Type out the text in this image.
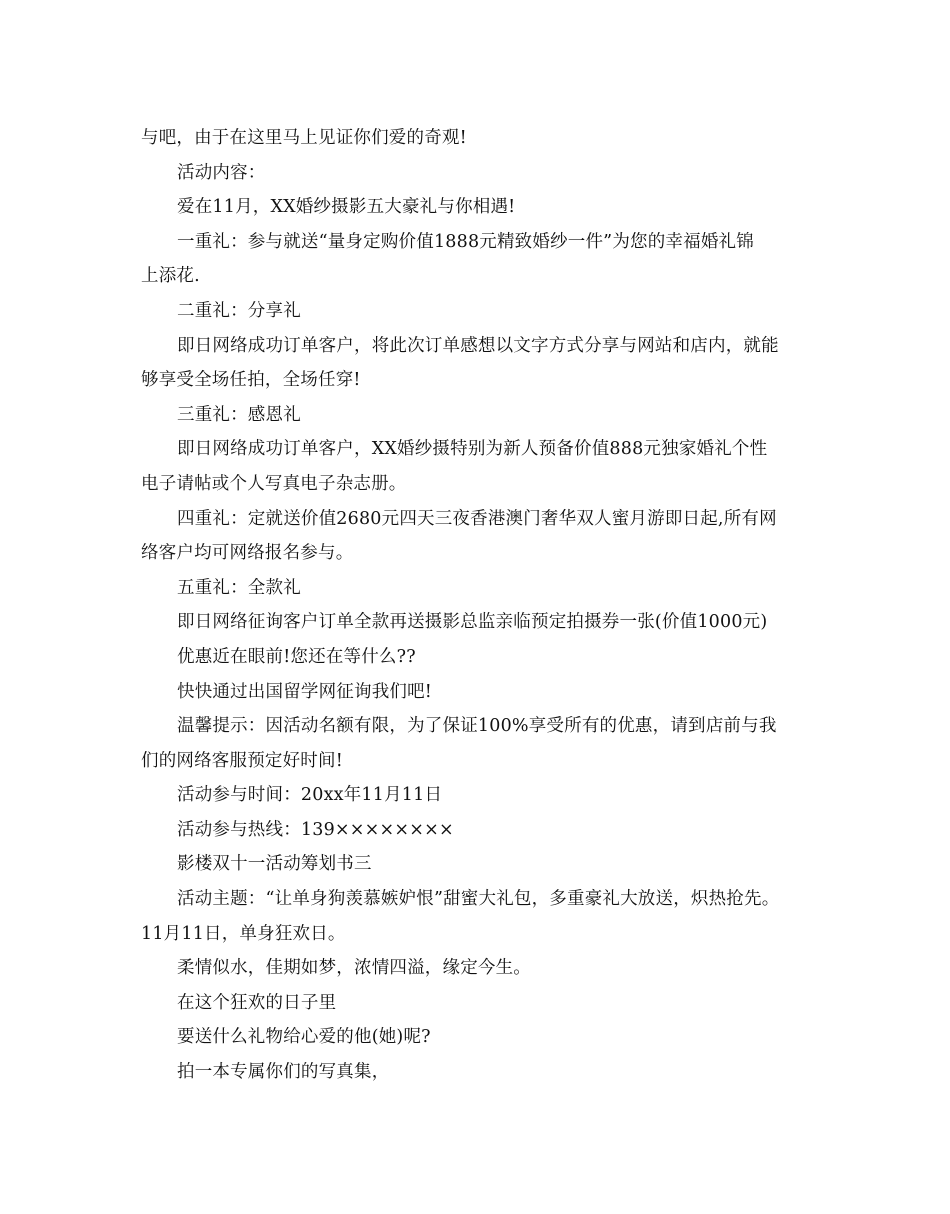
与吧，由于在这里马上见证你们爱的奇观!
活动内容：
爱在11月，XX婚纱摄影五大豪礼与你相遇!
一重礼：参与就送“量身定购价值1888元精致婚纱一件”为您的幸福婚礼锦
上添花.
二重礼：分享礼
即日网络成功订单客户，将此次订单感想以文字方式分享与网站和店内，就能
够享受全场任拍，全场任穿!
三重礼：感恩礼
即日网络成功订单客户，XX婚纱摄特别为新人预备价值888元独家婚礼个性
电子请帖或个人写真电子杂志册。
四重礼：定就送价值2680元四天三夜香港澳门奢华双人蜜月游即日起,所有网
络客户均可网络报名参与。
五重礼：全款礼
即日网络征询客户订单全款再送摄影总监亲临预定拍摄券一张(价值1000元)
优惠近在眼前!您还在等什么??
快快通过出国留学网征询我们吧!
温馨提示：因活动名额有限，为了保证100%享受所有的优惠，请到店前与我
们的网络客服预定好时间!
活动参与时间：20xx年11月11日
活动参与热线：139××××××××
影楼双十一活动筹划书三
活动主题：“让单身狗羡慕嫉妒恨”甜蜜大礼包，多重豪礼大放送，炽热抢先。
11月11日，单身狂欢日。
柔情似水，佳期如梦，浓情四溢，缘定今生。
在这个狂欢的日子里
要送什么礼物给心爱的他(她)呢?
拍一本专属你们的写真集，
